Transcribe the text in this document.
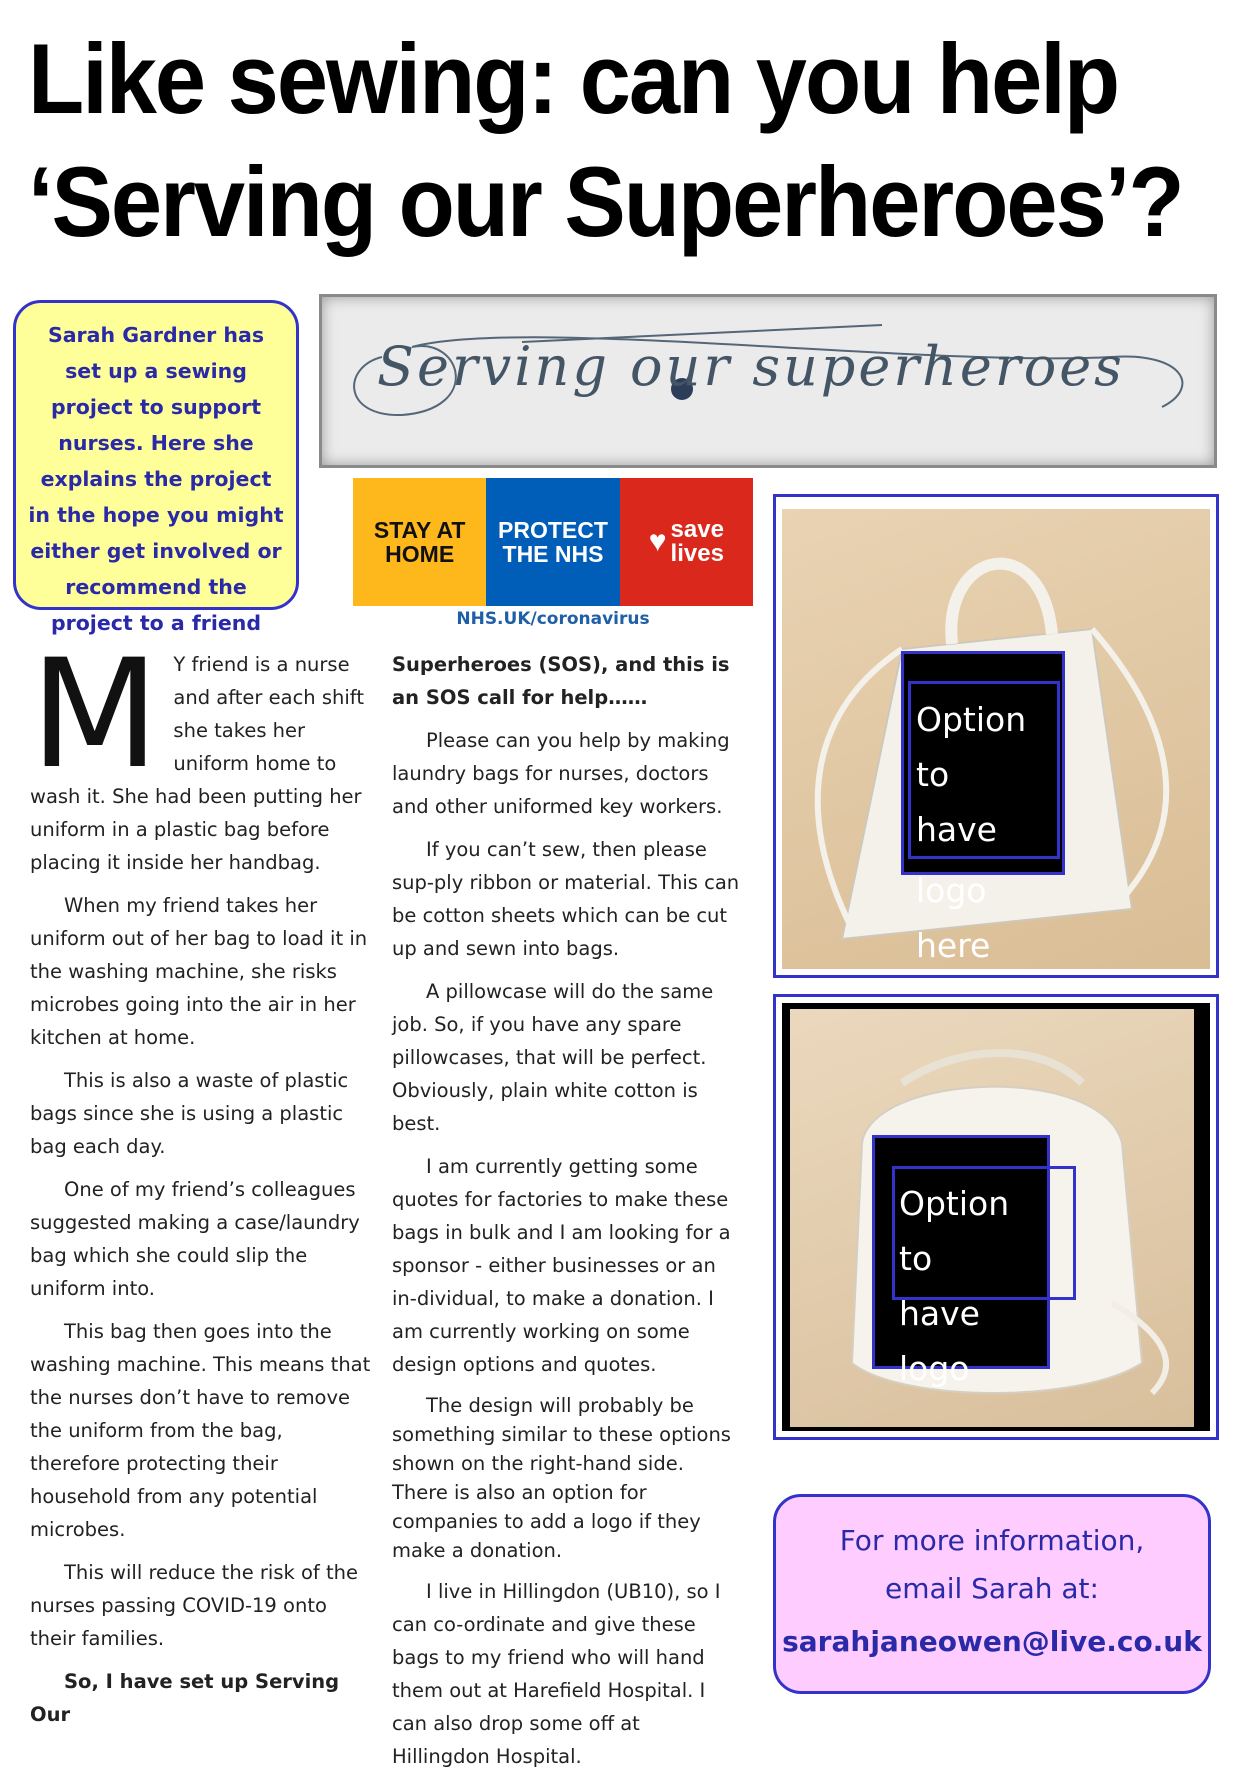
Like sewing: can you help
‘Serving our Superheroes’?
Sarah Gardner has set up a sewing project to support nurses. Here she explains the project in the hope you might either get involved or recommend the project to a friend
Serving our superheroes
STAY AT
HOME
PROTECT
THE NHS ♥ save
lives
NHS.UK/coronavirus
M Y friend is a nurse and after each shift she takes her uniform home to wash it. She had been putting her uniform in a plastic bag before placing it inside her handbag.

When my friend takes her uniform out of her bag to load it in the washing machine, she risks microbes going into the air in her kitchen at home.

This is also a waste of plastic bags since she is using a plastic bag each day.

One of my friend’s colleagues suggested making a case/laundry bag which she could slip the uniform into.

This bag then goes into the washing machine. This means that the nurses don’t have to remove the uniform from the bag, therefore protecting their household from any potential microbes.

This will reduce the risk of the nurses passing COVID-19 onto their families.

So, I have set up Serving Our

Superheroes (SOS), and this is an SOS call for help……

Please can you help by making laundry bags for nurses, doctors and other uniformed key workers.

If you can’t sew, then please sup-ply ribbon or material. This can be cotton sheets which can be cut up and sewn into bags.

A pillowcase will do the same job. So, if you have any spare pillowcases, that will be perfect. Obviously, plain white cotton is best.

I am currently getting some quotes for factories to make these bags in bulk and I am looking for a sponsor - either businesses or an in-dividual, to make a donation. I am currently working on some design options and quotes.

The design will probably be something similar to these options shown on the right-hand side. There is also an option for companies to add a logo if they make a donation.

I live in Hillingdon (UB10), so I can co-ordinate and give these bags to my friend who will hand them out at Harefield Hospital. I can also drop some off at Hillingdon Hospital.

Option to
have
logo here
Option to
have logo
For more information,
email Sarah at:
sarahjaneowen@live.co.uk
